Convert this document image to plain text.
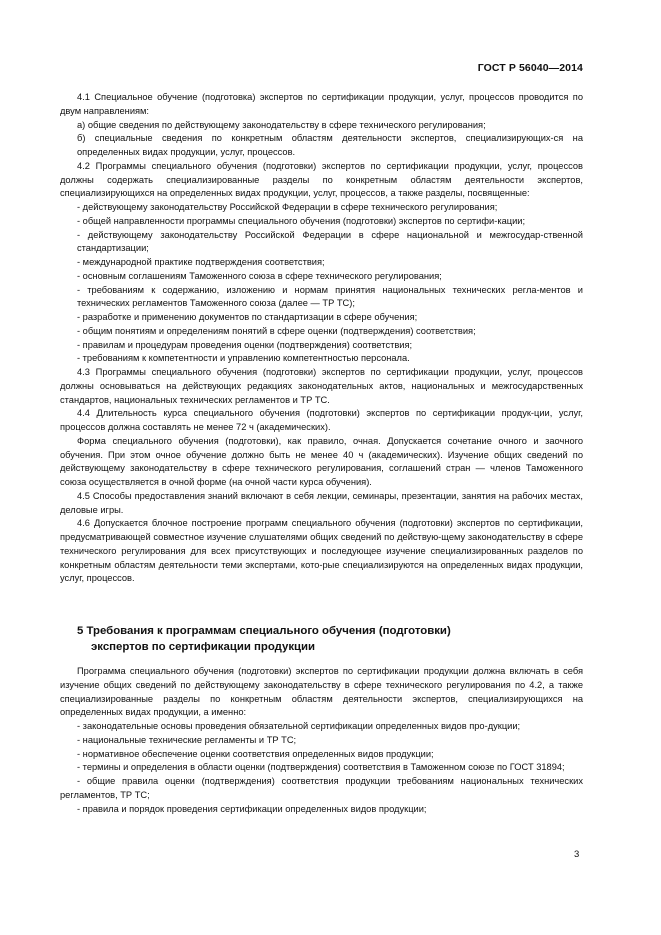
ГОСТ Р 56040—2014

4.1 Специальное обучение (подготовка) экспертов по сертификации продукции, услуг, процессов проводится по двум направлениям:

а) общие сведения по действующему законодательству в сфере технического регулирования;

б) специальные сведения по конкретным областям деятельности экспертов, специализирующих-ся на определенных видах продукции, услуг, процессов.

4.2 Программы специального обучения (подготовки) экспертов по сертификации продукции, услуг, процессов должны содержать специализированные разделы по конкретным областям деятельности экспертов, специализирующихся на определенных видах продукции, услуг, процессов, а также разделы, посвященные:

- действующему законодательству Российской Федерации в сфере технического регулирования;

- общей направленности программы специального обучения (подготовки) экспертов по сертифи-кации;

- действующему законодательству Российской Федерации в сфере национальной и межгосудар-ственной стандартизации;

- международной практике подтверждения соответствия;

- основным соглашениям Таможенного союза в сфере технического регулирования;

- требованиям к содержанию, изложению и нормам принятия национальных технических регла-ментов и технических регламентов Таможенного союза (далее — ТР ТС);

- разработке и применению документов по стандартизации в сфере обучения;

- общим понятиям и определениям понятий в сфере оценки (подтверждения) соответствия;

- правилам и процедурам проведения оценки (подтверждения) соответствия;

- требованиям к компетентности и управлению компетентностью персонала.

4.3 Программы специального обучения (подготовки) экспертов по сертификации продукции, услуг, процессов должны основываться на действующих редакциях законодательных актов, национальных и межгосударственных стандартов, национальных технических регламентов и ТР ТС.

4.4 Длительность курса специального обучения (подготовки) экспертов по сертификации продук-ции, услуг, процессов должна составлять не менее 72 ч (академических).

Форма специального обучения (подготовки), как правило, очная. Допускается сочетание очного и заочного обучения. При этом очное обучение должно быть не менее 40 ч (академических). Изучение общих сведений по действующему законодательству в сфере технического регулирования, соглашений стран — членов Таможенного союза осуществляется в очной форме (на очной части курса обучения).

4.5 Способы предоставления знаний включают в себя лекции, семинары, презентации, занятия на рабочих местах, деловые игры.

4.6 Допускается блочное построение программ специального обучения (подготовки) экспертов по сертификации, предусматривающей совместное изучение слушателями общих сведений по действую-щему законодательству в сфере технического регулирования для всех присутствующих и последующее изучение специализированных разделов по конкретным областям деятельности теми экспертами, кото-рые специализируются на определенных видах продукции, услуг, процессов.

5 Требования к программам специального обучения (подготовки)
экспертов по сертификации продукции

Программа специального обучения (подготовки) экспертов по сертификации продукции должна включать в себя изучение общих сведений по действующему законодательству в сфере технического регулирования по 4.2, а также специализированные разделы по конкретным областям деятельности экспертов, специализирующихся на определенных видах продукции, а именно:

- законодательные основы проведения обязательной сертификации определенных видов про-дукции;

- национальные технические регламенты и ТР ТС;

- нормативное обеспечение оценки соответствия определенных видов продукции;

- термины и определения в области оценки (подтверждения) соответствия в Таможенном союзе по ГОСТ 31894;

- общие правила оценки (подтверждения) соответствия продукции требованиям национальных технических регламентов, ТР ТС;

- правила и порядок проведения сертификации определенных видов продукции;

3
